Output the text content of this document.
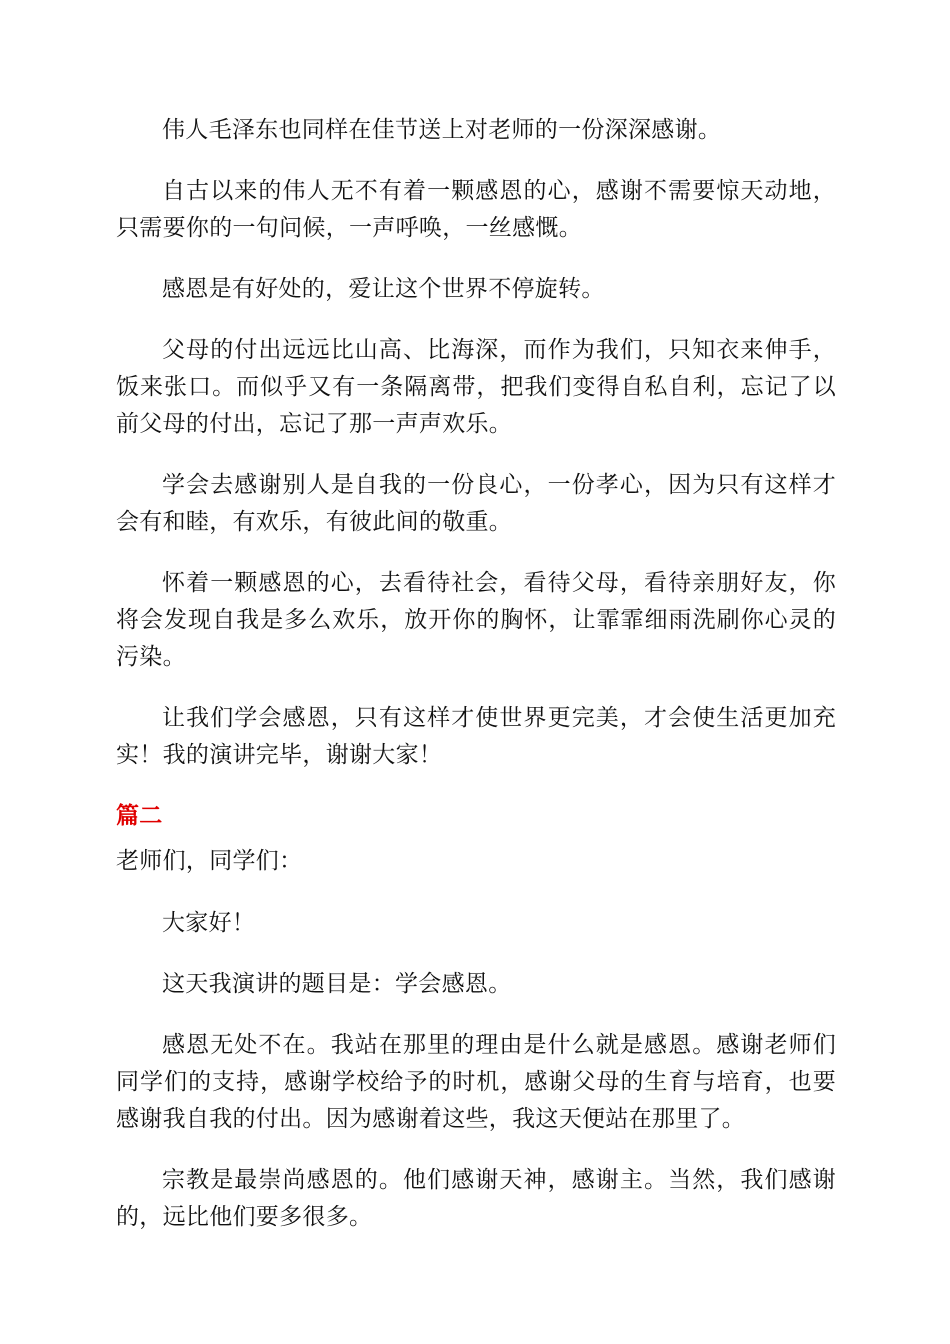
伟人毛泽东也同样在佳节送上对老师的一份深深感谢。

自古以来的伟人无不有着一颗感恩的心，感谢不需要惊天动地，只需要你的一句问候，一声呼唤，一丝感慨。

感恩是有好处的，爱让这个世界不停旋转。

父母的付出远远比山高、比海深，而作为我们，只知衣来伸手，饭来张口。而似乎又有一条隔离带，把我们变得自私自利，忘记了以前父母的付出，忘记了那一声声欢乐。

学会去感谢别人是自我的一份良心，一份孝心，因为只有这样才会有和睦，有欢乐，有彼此间的敬重。

怀着一颗感恩的心，去看待社会，看待父母，看待亲朋好友，你将会发现自我是多么欢乐，放开你的胸怀，让霏霏细雨洗刷你心灵的污染。

让我们学会感恩，只有这样才使世界更完美，才会使生活更加充实！我的演讲完毕，谢谢大家！

篇二

老师们，同学们：

大家好！

这天我演讲的题目是：学会感恩。

感恩无处不在。我站在那里的理由是什么就是感恩。感谢老师们同学们的支持，感谢学校给予的时机，感谢父母的生育与培育，也要感谢我自我的付出。因为感谢着这些，我这天便站在那里了。

宗教是最崇尚感恩的。他们感谢天神，感谢主。当然，我们感谢的，远比他们要多很多。
